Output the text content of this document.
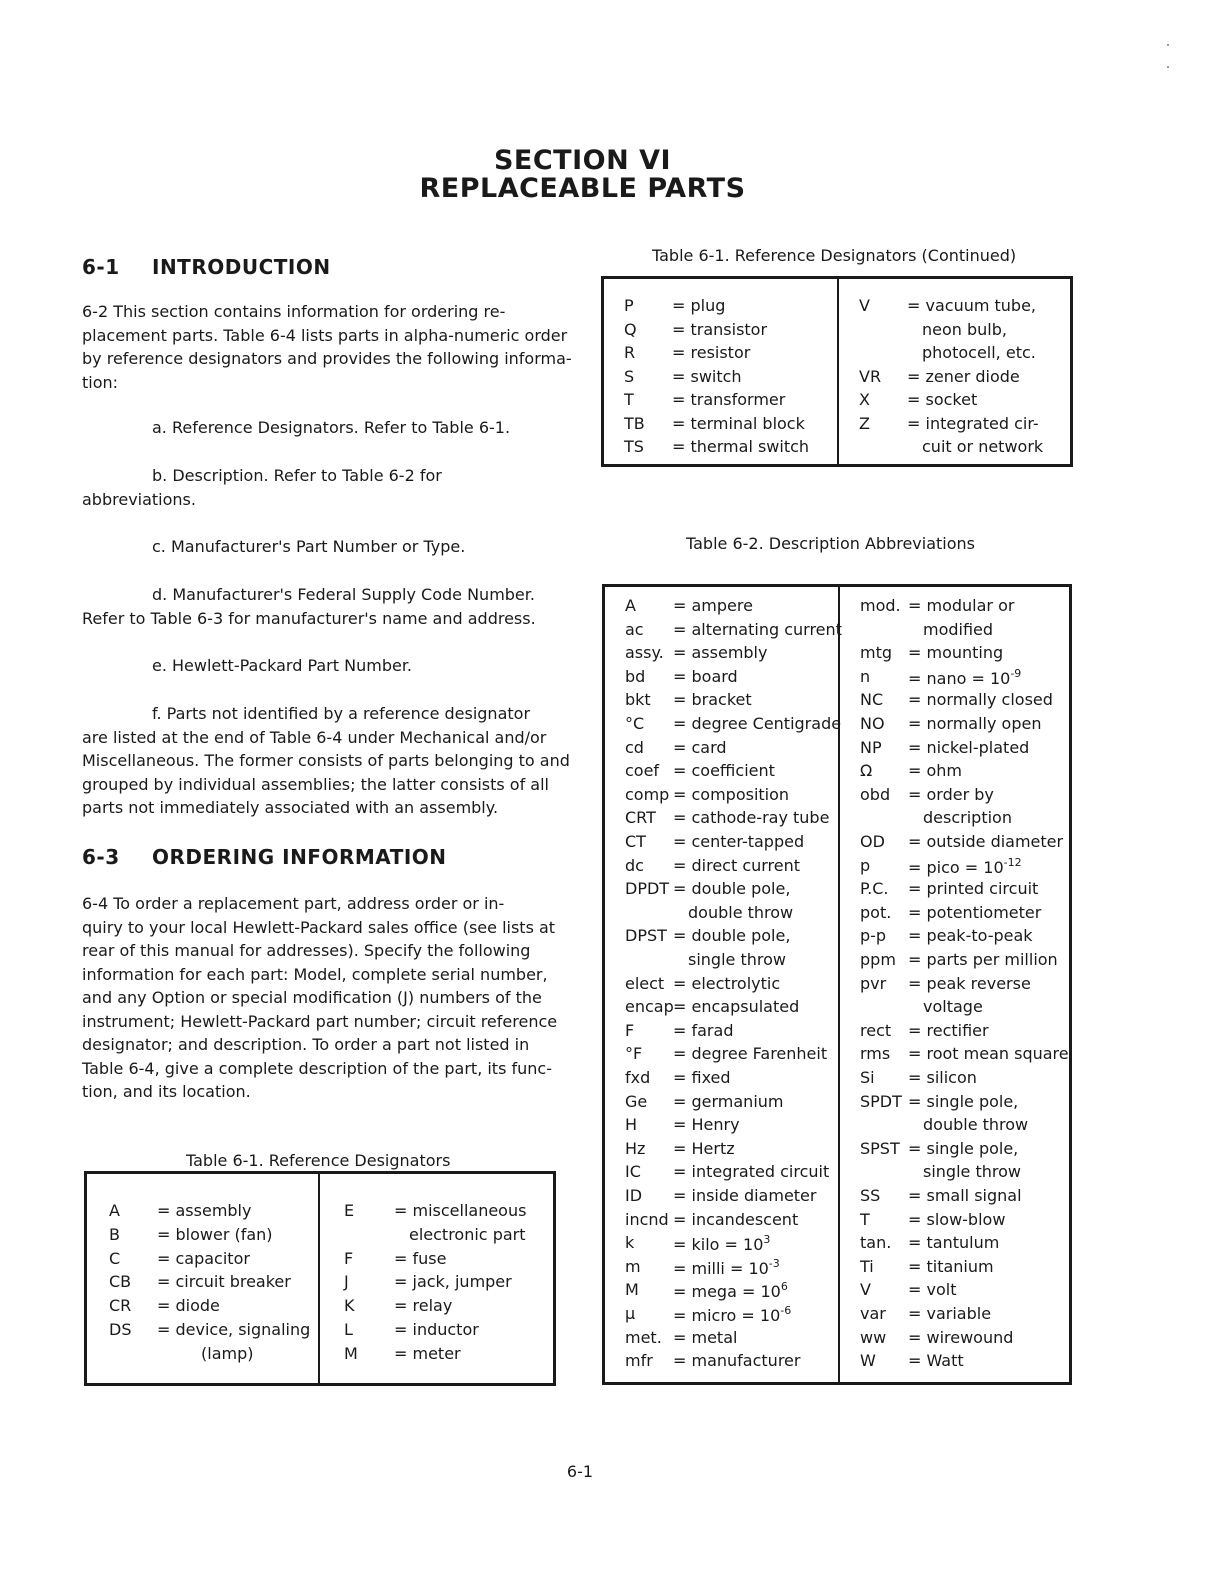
SECTION VI
REPLACEABLE PARTS
6-1 INTRODUCTION
6-2 This section contains information for ordering re-
placement parts. Table 6-4 lists parts in alpha-numeric order
by reference designators and provides the following informa-
tion:
a. Reference Designators. Refer to Table 6-1.
b. Description. Refer to Table 6-2 for
abbreviations.
c. Manufacturer's Part Number or Type.
d. Manufacturer's Federal Supply Code Number.
Refer to Table 6-3 for manufacturer's name and address.
e. Hewlett-Packard Part Number.
f. Parts not identified by a reference designator
are listed at the end of Table 6-4 under Mechanical and/or
Miscellaneous. The former consists of parts belonging to and
grouped by individual assemblies; the latter consists of all
parts not immediately associated with an assembly.
6-3 ORDERING INFORMATION
6-4 To order a replacement part, address order or in-
quiry to your local Hewlett-Packard sales office (see lists at
rear of this manual for addresses). Specify the following
information for each part: Model, complete serial number,
and any Option or special modification (J) numbers of the
instrument; Hewlett-Packard part number; circuit reference
designator; and description. To order a part not listed in
Table 6-4, give a complete description of the part, its func-
tion, and its location.
Table 6-1. Reference Designators
A = assembly
B = blower (fan)
C = capacitor
CB = circuit breaker
CR = diode
DS = device, signaling
(lamp)
E = miscellaneous
electronic part
F	= fuse
J	= jack, jumper
K = relay
L	= inductor
M = meter
Table 6-1. Reference Designators (Continued)
P = plug
Q = transistor
R = resistor
S = switch
T = transformer
TB = terminal block
TS = thermal switch
V = vacuum tube,
neon bulb,
photocell, etc.
VR = zener diode
X = socket
Z = integrated cir-
cuit or network
Table 6-2. Description Abbreviations
A = ampere
ac = alternating current
assy. = assembly
bd = board
bkt = bracket
°C = degree Centigrade
cd = card
coef = coefficient
comp = composition
CRT = cathode-ray tube
CT = center-tapped
dc = direct current
DPDT = double pole,
double throw
DPST = double pole,
single throw
elect = electrolytic
encap = encapsulated
F = farad
°F = degree Farenheit
fxd = fixed
Ge = germanium
H = Henry
Hz = Hertz
IC = integrated circuit
ID = inside diameter
incnd = incandescent
k = kilo = $10^3$
m = milli = $10^{-3}$
M = mega = $10^6$
μ = micro = $10^{-6}$
met. = metal
mfr = manufacturer
mod. = modular or
modified
mtg = mounting
n = nano = $10^{-9}$
NC = normally closed
NO = normally open
NP = nickel-plated
Ω = ohm
obd = order by
description
OD = outside diameter
p = pico = $10^{-12}$
P.C. = printed circuit
pot. = potentiometer
p-p = peak-to-peak
ppm = parts per million
pvr = peak reverse
voltage
rect = rectifier
rms = root mean square
Si = silicon
SPDT = single pole,
double throw
SPST = single pole,
single throw
SS = small signal
T = slow-blow
tan. = tantulum
Ti = titanium
V = volt
var = variable
ww = wirewound
W = Watt
6-1
